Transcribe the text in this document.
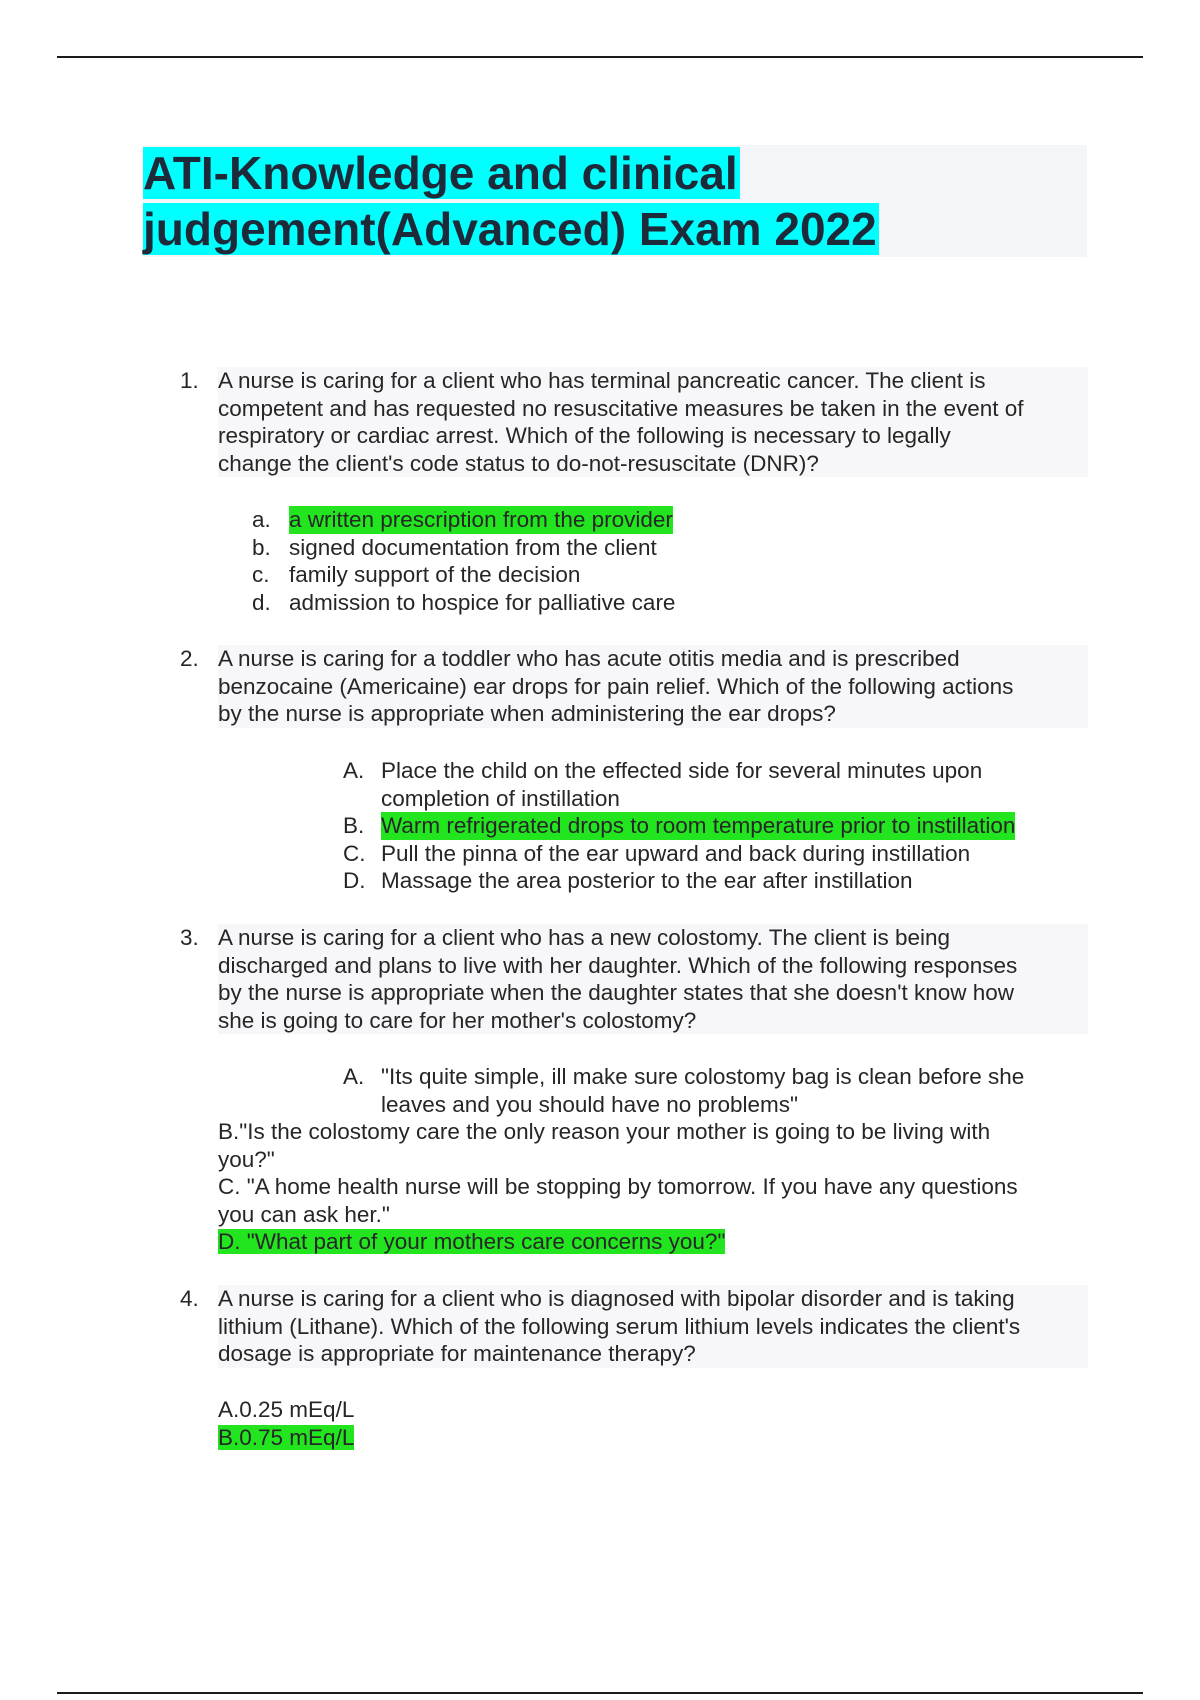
ATI-Knowledge and clinical
judgement(Advanced) Exam 2022
1. A nurse is caring for a client who has terminal pancreatic cancer. The client is
competent and has requested no resuscitative measures be taken in the event of
respiratory or cardiac arrest. Which of the following is necessary to legally
change the client's code status to do-not-resuscitate (DNR)?
a. a written prescription from the provider
b. signed documentation from the client
c. family support of the decision
d. admission to hospice for palliative care
2. A nurse is caring for a toddler who has acute otitis media and is prescribed
benzocaine (Americaine) ear drops for pain relief. Which of the following actions
by the nurse is appropriate when administering the ear drops?
A. Place the child on the effected side for several minutes upon
completion of instillation
B. Warm refrigerated drops to room temperature prior to instillation
C. Pull the pinna of the ear upward and back during instillation
D. Massage the area posterior to the ear after instillation
3. A nurse is caring for a client who has a new colostomy. The client is being
discharged and plans to live with her daughter. Which of the following responses
by the nurse is appropriate when the daughter states that she doesn't know how
she is going to care for her mother's colostomy?
A. "Its quite simple, ill make sure colostomy bag is clean before she
leaves and you should have no problems"
B."Is the colostomy care the only reason your mother is going to be living with
you?"
C. "A home health nurse will be stopping by tomorrow. If you have any questions
you can ask her."
D. "What part of your mothers care concerns you?"
4. A nurse is caring for a client who is diagnosed with bipolar disorder and is taking
lithium (Lithane). Which of the following serum lithium levels indicates the client's
dosage is appropriate for maintenance therapy?
A.0.25 mEq/L
B.0.75 mEq/L
